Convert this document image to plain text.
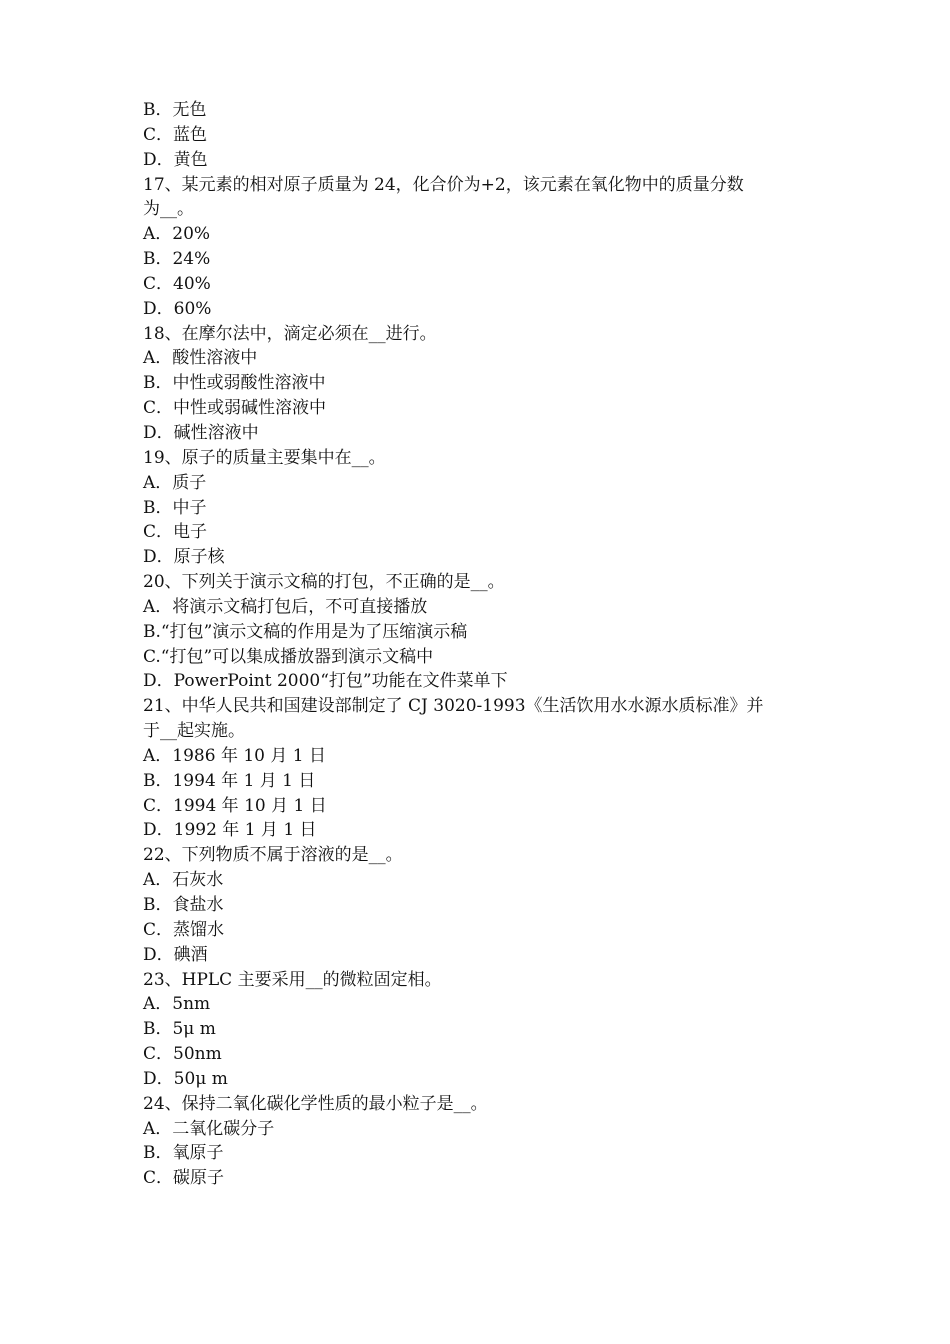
B．无色
C．蓝色
D．黄色
17、某元素的相对原子质量为 24，化合价为+2，该元素在氧化物中的质量分数
为__。
A．20%
B．24%
C．40%
D．60%
18、在摩尔法中，滴定必须在__进行。
A．酸性溶液中
B．中性或弱酸性溶液中
C．中性或弱碱性溶液中
D．碱性溶液中
19、原子的质量主要集中在__。
A．质子
B．中子
C．电子
D．原子核
20、下列关于演示文稿的打包，不正确的是__。
A．将演示文稿打包后，不可直接播放
B.“打包”演示文稿的作用是为了压缩演示稿
C.“打包”可以集成播放器到演示文稿中
D．PowerPoint 2000“打包”功能在文件菜单下
21、中华人民共和国建设部制定了 CJ 3020-1993《生活饮用水水源水质标准》并
于__起实施。
A．1986 年 10 月 1 日
B．1994 年 1 月 1 日
C．1994 年 10 月 1 日
D．1992 年 1 月 1 日
22、下列物质不属于溶液的是__。
A．石灰水
B．食盐水
C．蒸馏水
D．碘酒
23、HPLC 主要采用__的微粒固定相。
A．5nm
B．5μ m
C．50nm
D．50μ m
24、保持二氧化碳化学性质的最小粒子是__。
A．二氧化碳分子
B．氧原子
C．碳原子
